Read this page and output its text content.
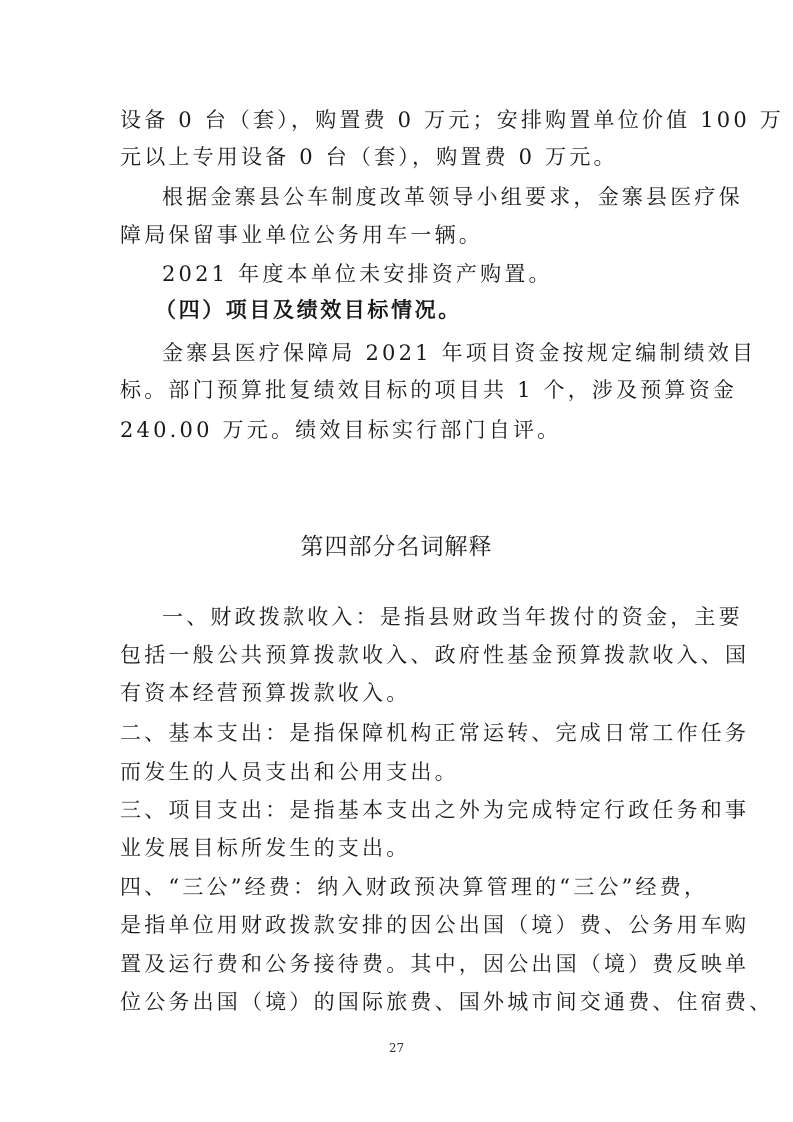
设备 0 台（套），购置费 0 万元；安排购置单位价值 100 万
元以上专用设备 0 台（套），购置费 0 万元。
根据金寨县公车制度改革领导小组要求，金寨县医疗保
障局保留事业单位公务用车一辆。
2021 年度本单位未安排资产购置。
（四）项目及绩效目标情况。
金寨县医疗保障局 2021 年项目资金按规定编制绩效目
标。部门预算批复绩效目标的项目共 1 个，涉及预算资金
240.00 万元。绩效目标实行部门自评。
第四部分名词解释
一、财政拨款收入：是指县财政当年拨付的资金，主要
包括一般公共预算拨款收入、政府性基金预算拨款收入、国
有资本经营预算拨款收入。
二、基本支出：是指保障机构正常运转、完成日常工作任务
而发生的人员支出和公用支出。
三、项目支出：是指基本支出之外为完成特定行政任务和事
业发展目标所发生的支出。
四、“三公”经费：纳入财政预决算管理的“三公”经费，
是指单位用财政拨款安排的因公出国（境）费、公务用车购
置及运行费和公务接待费。其中，因公出国（境）费反映单
位公务出国（境）的国际旅费、国外城市间交通费、住宿费、
27
